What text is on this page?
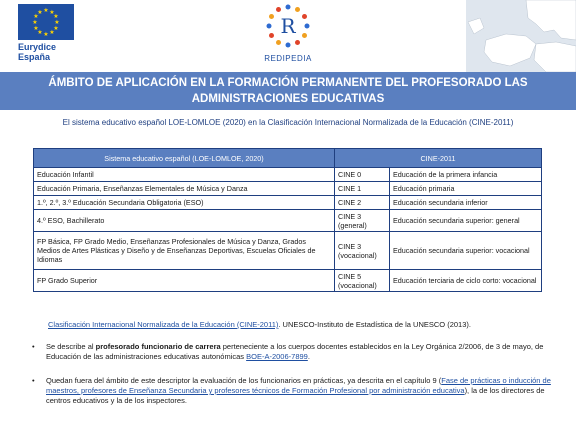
★ ★
★
★
★
★
★
★
★
★
★
★
Eurydice España
R
REDIPEDIA
ÁMBITO DE APLICACIÓN EN LA FORMACIÓN PERMANENTE DEL PROFESORADO LAS ADMINISTRACIONES EDUCATIVAS
El sistema educativo español LOE-LOMLOE (2020) en la Clasificación Internacional Normalizada de la Educación (CINE-2011)
Sistema educativo español (LOE-LOMLOE, 2020)	CINE-2011	
Educación Infantil	CINE 0	Educación de la primera infancia
Educación Primaria, Enseñanzas Elementales de Música y Danza	CINE 1	Educación primaria
1.º, 2.º, 3.º Educación Secundaria Obligatoria (ESO)	CINE 2	Educación secundaria inferior
4.º ESO, Bachillerato	CINE 3 (general)	Educación secundaria superior: general
FP Básica, FP Grado Medio, Enseñanzas Profesionales de Música y Danza, Grados Medios de Artes Plásticas y Diseño y de Enseñanzas Deportivas, Escuelas Oficiales de Idiomas	CINE 3 (vocacional)	Educación secundaria superior: vocacional
FP Grado Superior	CINE 5 (vocacional)	Educación terciaria de ciclo corto: vocacional
Clasificación Internacional Normalizada de la Educación (CINE-2011). UNESCO-Instituto de Estadística de la UNESCO (2013).
• Se describe al profesorado funcionario de carrera perteneciente a los cuerpos docentes establecidos en la Ley Orgánica 2/2006, de 3 de mayo, de Educación de las administraciones educativas autonómicas BOE-A-2006-7899.
• Quedan fuera del ámbito de este descriptor la evaluación de los funcionarios en prácticas, ya descrita en el capítulo 9 (Fase de prácticas o inducción de maestros, profesores de Enseñanza Secundaria y profesores técnicos de Formación Profesional por administración educativa), la de los directores de centros educativos y la de los inspectores.
